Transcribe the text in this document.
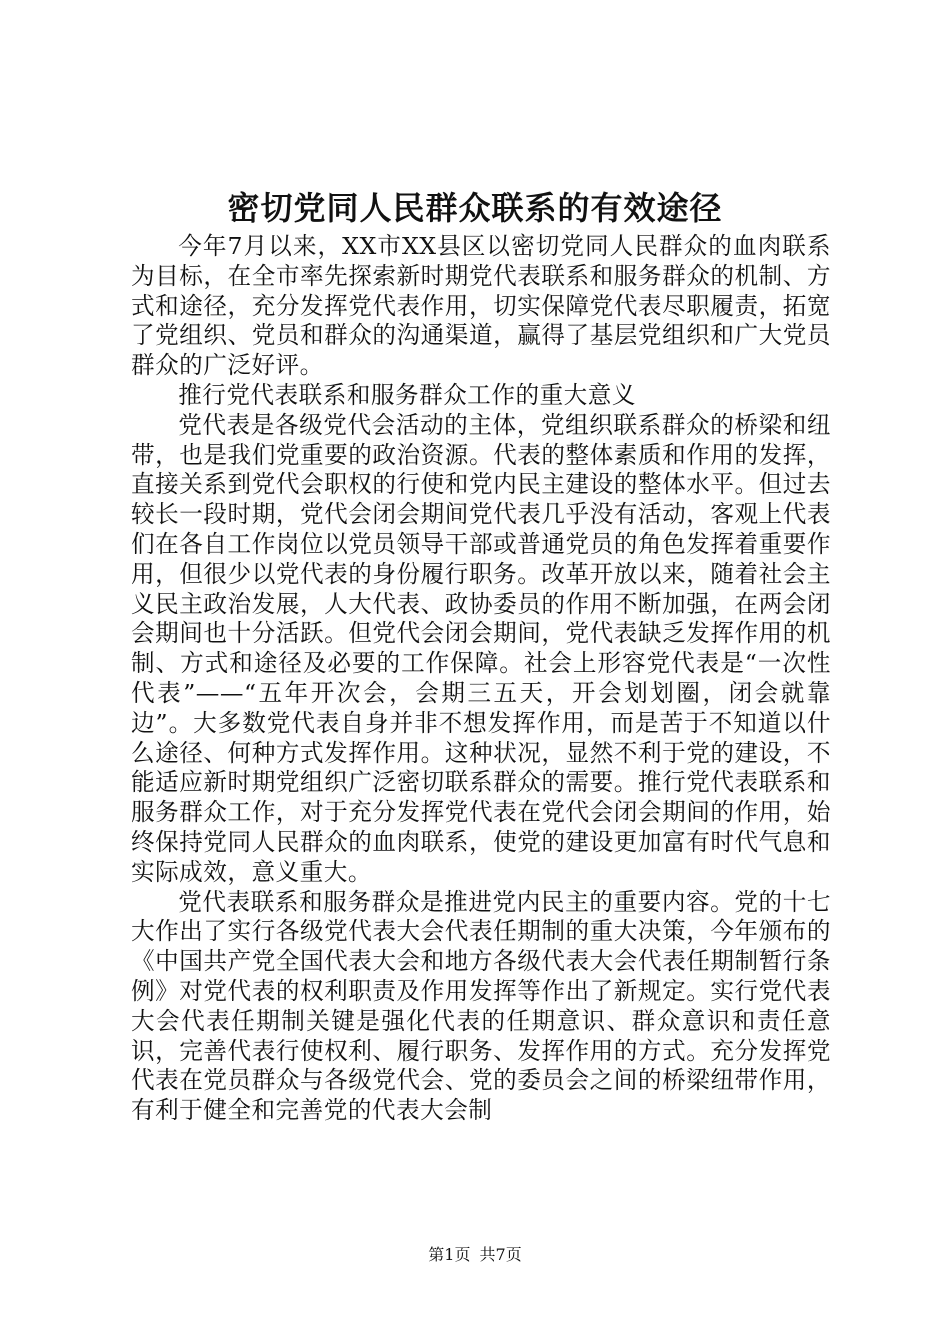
密切党同人民群众联系的有效途径

今年7月以来，XX市XX县区以密切党同人民群众的血肉联系为目标，在全市率先探索新时期党代表联系和服务群众的机制、方式和途径，充分发挥党代表作用，切实保障党代表尽职履责，拓宽了党组织、党员和群众的沟通渠道，赢得了基层党组织和广大党员群众的广泛好评。

推行党代表联系和服务群众工作的重大意义

党代表是各级党代会活动的主体，党组织联系群众的桥梁和纽带，也是我们党重要的政治资源。代表的整体素质和作用的发挥，直接关系到党代会职权的行使和党内民主建设的整体水平。但过去较长一段时期，党代会闭会期间党代表几乎没有活动，客观上代表们在各自工作岗位以党员领导干部或普通党员的角色发挥着重要作用，但很少以党代表的身份履行职务。改革开放以来，随着社会主义民主政治发展，人大代表、政协委员的作用不断加强，在两会闭会期间也十分活跃。但党代会闭会期间，党代表缺乏发挥作用的机制、方式和途径及必要的工作保障。社会上形容党代表是“一次性代表”——“五年开次会，会期三五天，开会划划圈，闭会就靠边”。大多数党代表自身并非不想发挥作用，而是苦于不知道以什么途径、何种方式发挥作用。这种状况，显然不利于党的建设，不能适应新时期党组织广泛密切联系群众的需要。推行党代表联系和服务群众工作，对于充分发挥党代表在党代会闭会期间的作用，始终保持党同人民群众的血肉联系，使党的建设更加富有时代气息和实际成效，意义重大。

党代表联系和服务群众是推进党内民主的重要内容。党的十七大作出了实行各级党代表大会代表任期制的重大决策，今年颁布的《中国共产党全国代表大会和地方各级代表大会代表任期制暂行条例》对党代表的权利职责及作用发挥等作出了新规定。实行党代表大会代表任期制关键是强化代表的任期意识、群众意识和责任意识，完善代表行使权利、履行职务、发挥作用的方式。充分发挥党代表在党员群众与各级党代会、党的委员会之间的桥梁纽带作用，有利于健全和完善党的代表大会制

第1页 共7页
